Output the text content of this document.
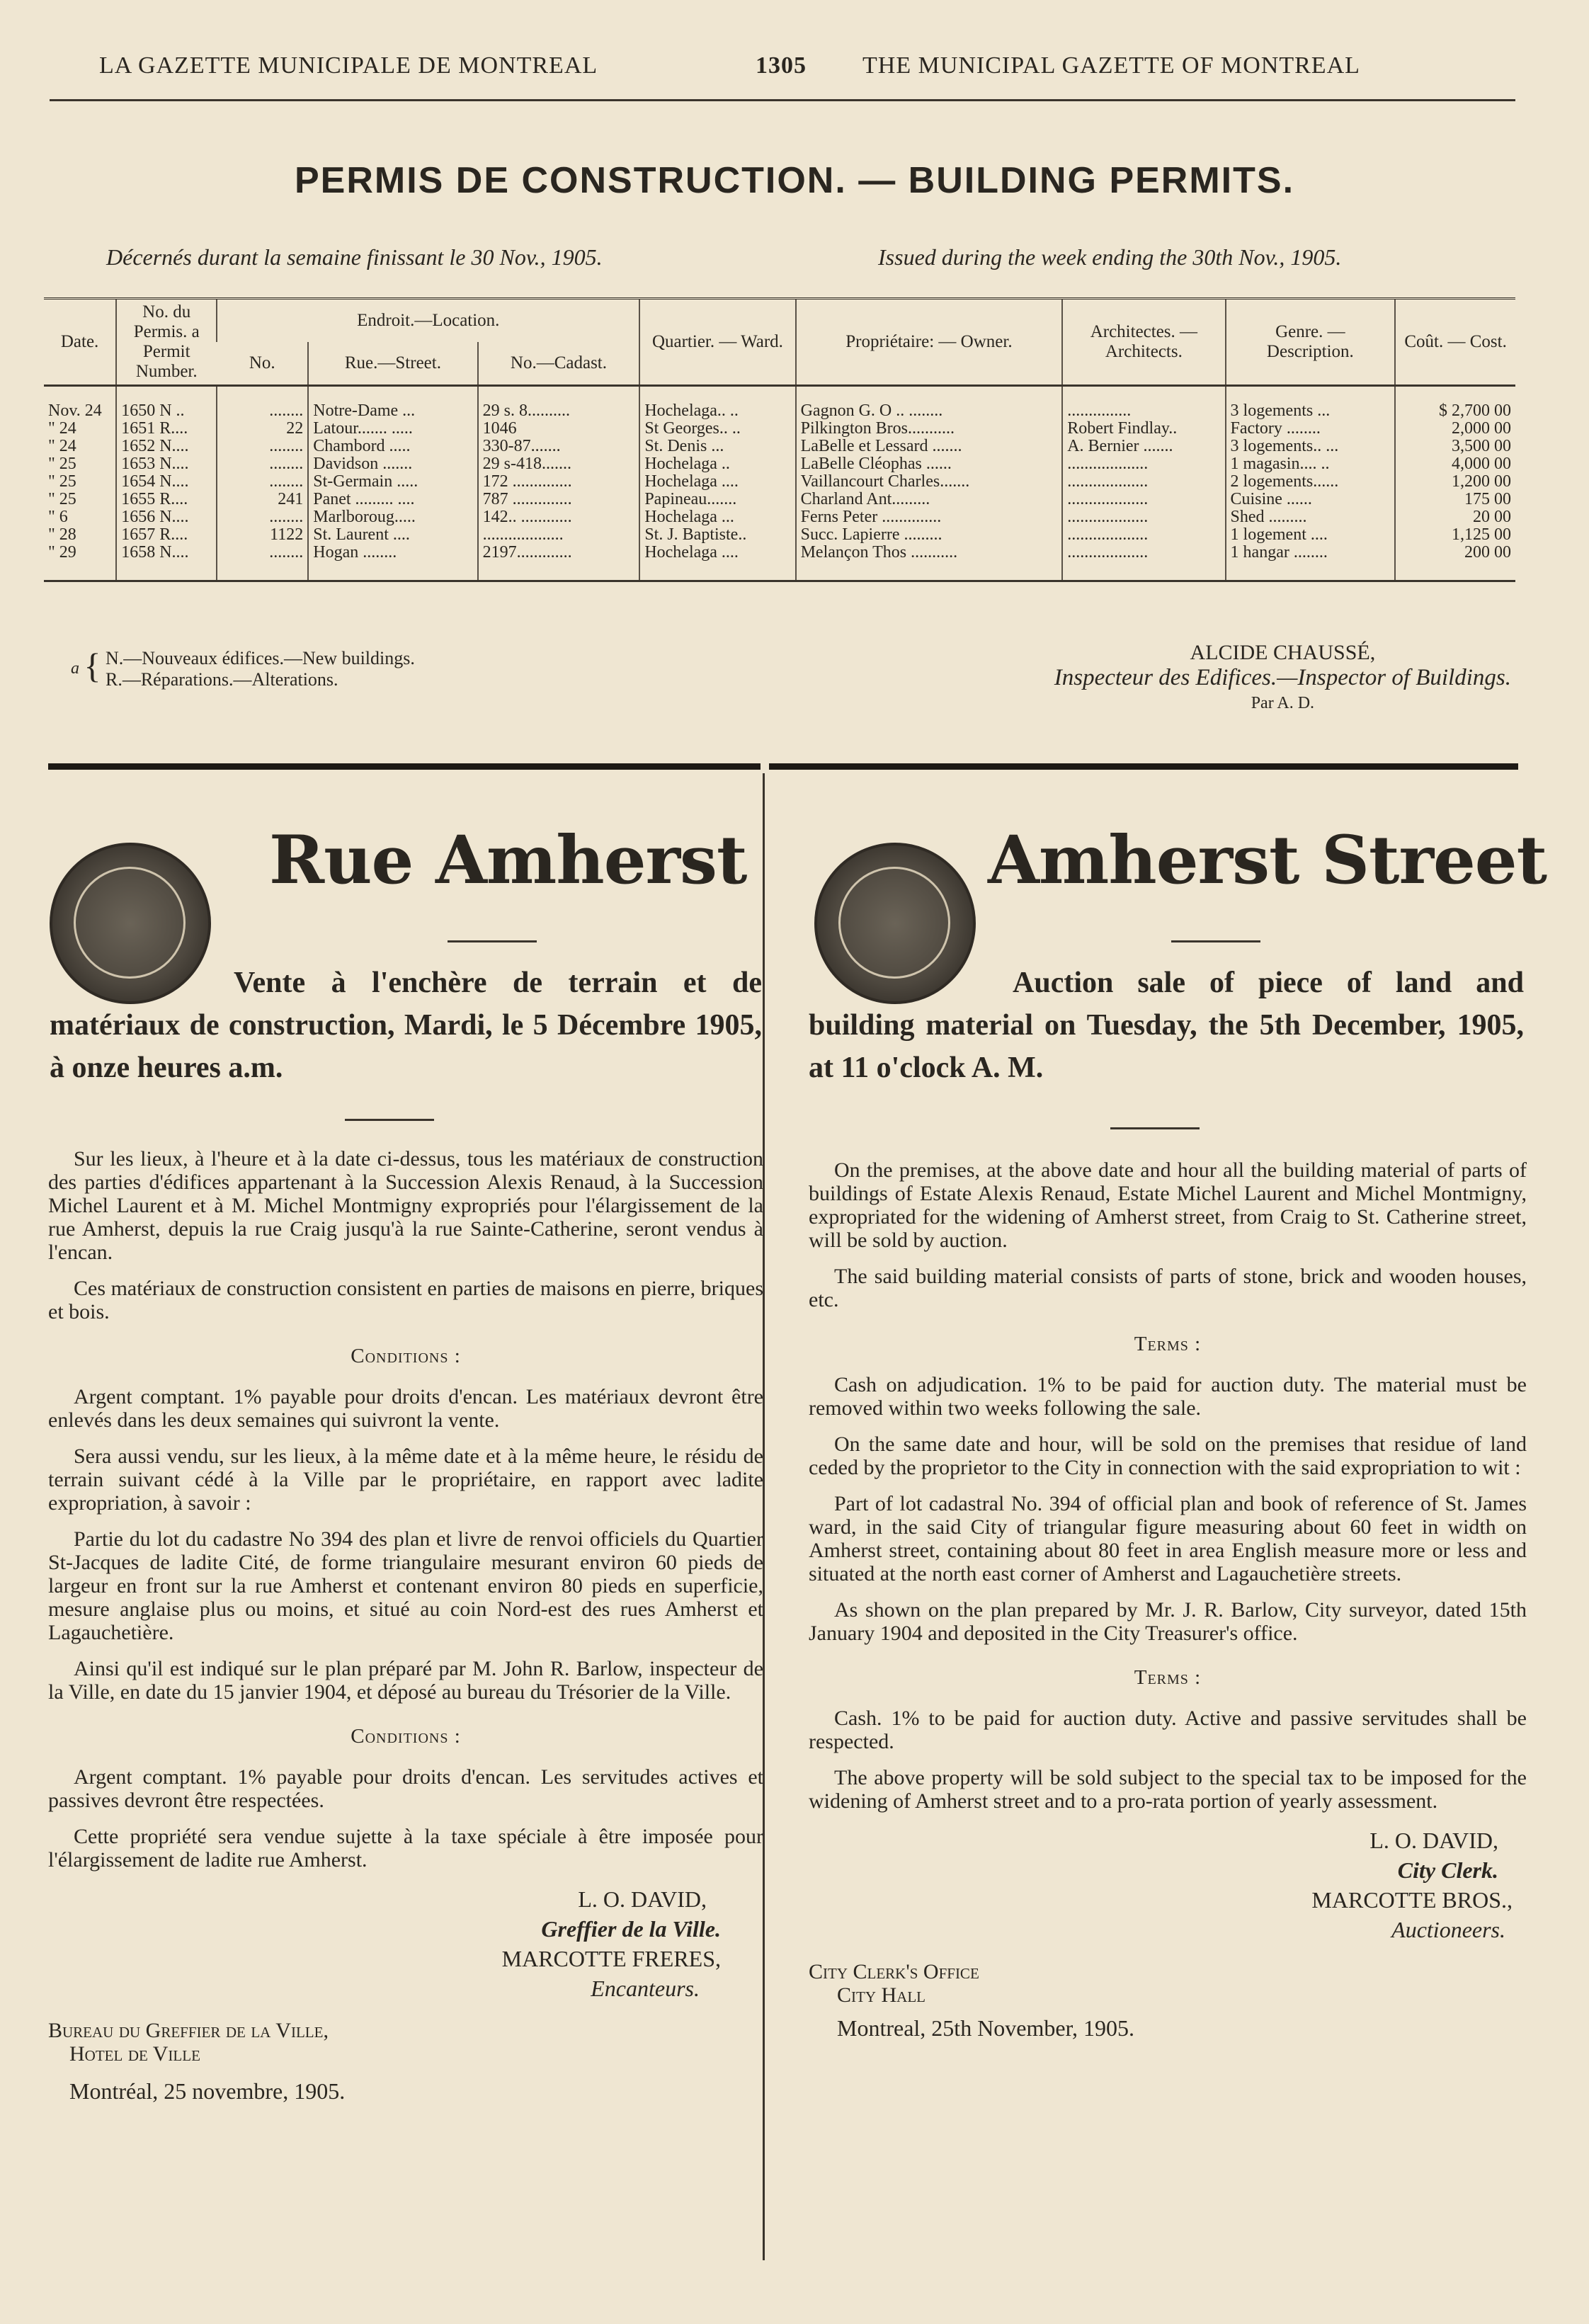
LA GAZETTE MUNICIPALE DE MONTREAL	1305 THE MUNICIPAL GAZETTE OF MONTREAL
PERMIS DE CONSTRUCTION. — BUILDING PERMITS.
Décernés durant la semaine finissant le 30 Nov., 1905.	Issued during the week ending the 30th Nov., 1905.
Date.	No. du Permis. a Permit Number.	Endroit.—Location.			Quartier. — Ward.	Propriétaire: — Owner.	Architectes. — Architects.	Genre. — Description.	Coût. — Cost.
		No.	Rue.—Street.	No.—Cadast.					
Nov. 24	1650 N ..	........	Notre-Dame ...	29 s. 8..........	Hochelaga.. ..	Gagnon G. O .. ........	...............	3 logements ...	$ 2,700 00
" 24	1651 R....	22	Latour....... .....	1046	St Georges.. ..	Pilkington Bros...........	Robert Findlay..	Factory ........	2,000 00
" 24	1652 N....	........	Chambord .....	330-87.......	St. Denis ...	LaBelle et Lessard .......	A. Bernier .......	3 logements.. ...	3,500 00
" 25	1653 N....	........	Davidson .......	29 s-418.......	Hochelaga ..	LaBelle Cléophas ......	...................	1 magasin.... ..	4,000 00
" 25	1654 N....	........	St-Germain .....	172 ..............	Hochelaga ....	Vaillancourt Charles.......	...................	2 logements......	1,200 00
" 25	1655 R....	241	Panet ......... ....	787 ..............	Papineau.......	Charland Ant.........	...................	Cuisine ......	175 00
" 6	1656 N....	........	Marlboroug.....	142.. ............	Hochelaga ...	Ferns Peter ..............	...................	Shed .........	20 00
" 28	1657 R....	1122	St. Laurent ....	...................	St. J. Baptiste..	Succ. Lapierre .........	...................	1 logement ....	1,125 00
" 29	1658 N....	........	Hogan ........	2197.............	Hochelaga ....	Melançon Thos ...........	...................	1 hangar ........	200 00
a { N.—Nouveaux édifices.—New buildings.
R.—Réparations.—Alterations.
ALCIDE CHAUSSÉ,
Inspecteur des Edifices.—Inspector of Buildings.
Par A. D.
Rue Amherst
Vente à l'enchère de terrain et de matériaux de construction, Mardi, le 5 Décembre 1905, à onze heures a.m.

Sur les lieux, à l'heure et à la date ci-dessus, tous les matériaux de construction des parties d'édifices appartenant à la Succession Alexis Renaud, à la Succession Michel Laurent et à M. Michel Montmigny expropriés pour l'élargissement de la rue Amherst, depuis la rue Craig jusqu'à la rue Sainte-Catherine, seront vendus à l'encan.

Ces matériaux de construction consistent en parties de maisons en pierre, briques et bois.

Conditions :

Argent comptant. 1% payable pour droits d'encan. Les matériaux devront être enlevés dans les deux semaines qui suivront la vente.

Sera aussi vendu, sur les lieux, à la même date et à la même heure, le résidu de terrain suivant cédé à la Ville par le propriétaire, en rapport avec ladite expropriation, à savoir :

Partie du lot du cadastre No 394 des plan et livre de renvoi officiels du Quartier St-Jacques de ladite Cité, de forme triangulaire mesurant environ 60 pieds de largeur en front sur la rue Amherst et contenant environ 80 pieds en superficie, mesure anglaise plus ou moins, et situé au coin Nord-est des rues Amherst et Lagauchetière.

Ainsi qu'il est indiqué sur le plan préparé par M. John R. Barlow, inspecteur de la Ville, en date du 15 janvier 1904, et déposé au bureau du Trésorier de la Ville.

Conditions :

Argent comptant. 1% payable pour droits d'encan. Les servitudes actives et passives devront être respectées.

Cette propriété sera vendue sujette à la taxe spéciale à être imposée pour l'élargissement de ladite rue Amherst.

L. O. DAVID,
Greffier de la Ville.
MARCOTTE FRERES,
Encanteurs.
Bureau du Greffier de la Ville,
Hotel de Ville
Montréal, 25 novembre, 1905.
Amherst Street
Auction sale of piece of land and building material on Tuesday, the 5th December, 1905, at 11 o'clock A. M.

On the premises, at the above date and hour all the building material of parts of buildings of Estate Alexis Renaud, Estate Michel Laurent and Michel Montmigny, expropriated for the widening of Amherst street, from Craig to St. Catherine street, will be sold by auction.

The said building material consists of parts of stone, brick and wooden houses, etc.

Terms :

Cash on adjudication. 1% to be paid for auction duty. The material must be removed within two weeks following the sale.

On the same date and hour, will be sold on the premises that residue of land ceded by the proprietor to the City in connection with the said expropriation to wit :

Part of lot cadastral No. 394 of official plan and book of reference of St. James ward, in the said City of triangular figure measuring about 60 feet in width on Amherst street, containing about 80 feet in area English measure more or less and situated at the north east corner of Amherst and Lagauchetière streets.

As shown on the plan prepared by Mr. J. R. Barlow, City surveyor, dated 15th January 1904 and deposited in the City Treasurer's office.

Terms :

Cash. 1% to be paid for auction duty. Active and passive servitudes shall be respected.

The above property will be sold subject to the special tax to be imposed for the widening of Amherst street and to a pro-rata portion of yearly assessment.

L. O. DAVID,
City Clerk.
MARCOTTE BROS.,
Auctioneers.
City Clerk's Office
City Hall
Montreal, 25th November, 1905.
